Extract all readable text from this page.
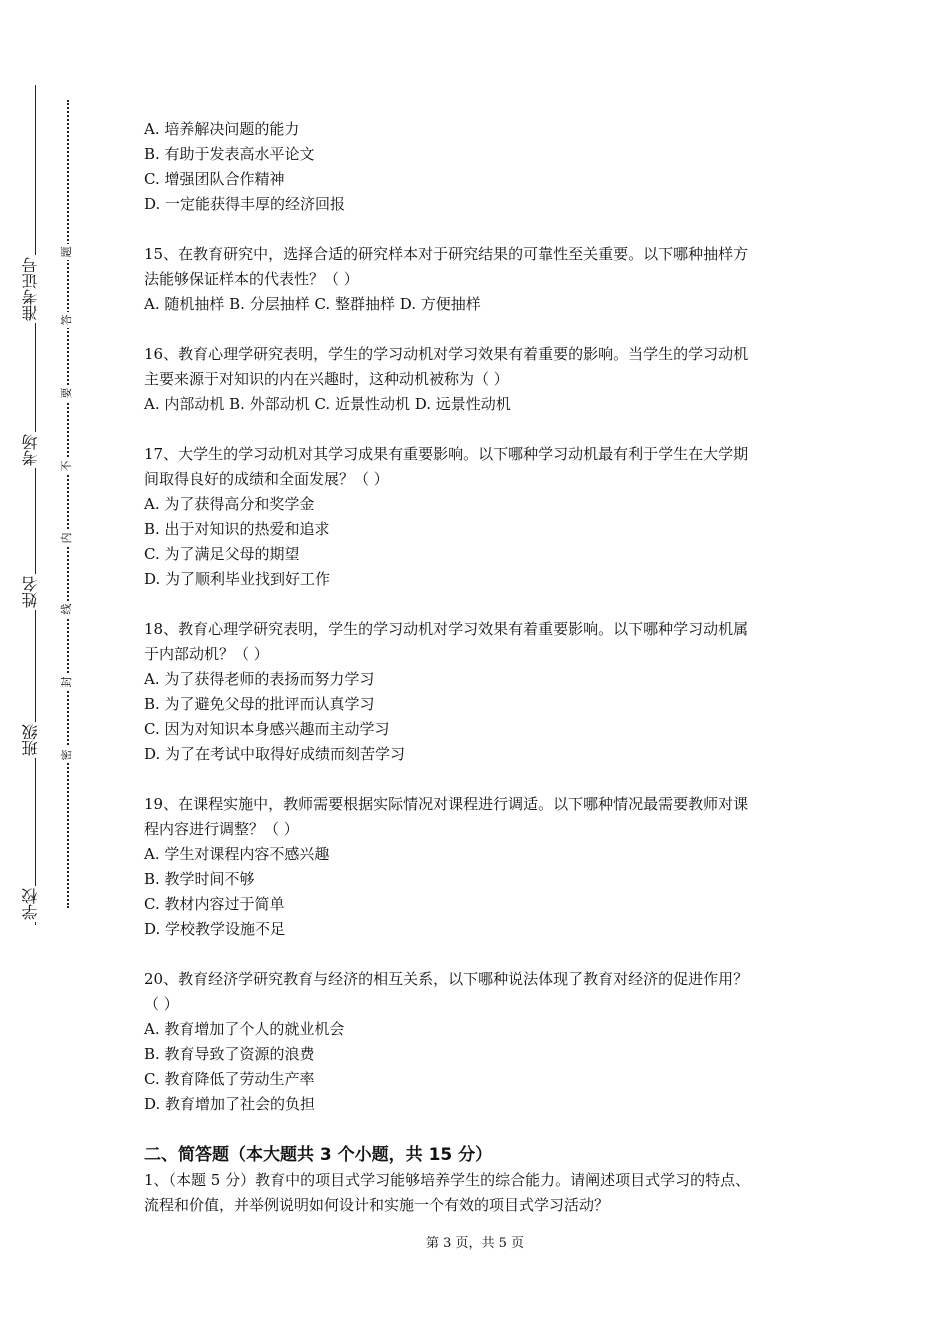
准考证号
考场
姓名
班级
学校
题
答
要
不
内
线
封
密
A. 培养解决问题的能力
B. 有助于发表高水平论文
C. 增强团队合作精神
D. 一定能获得丰厚的经济回报
15、在教育研究中，选择合适的研究样本对于研究结果的可靠性至关重要。以下哪种抽样方
法能够保证样本的代表性？（ ）
A. 随机抽样 B. 分层抽样 C. 整群抽样 D. 方便抽样
16、教育心理学研究表明，学生的学习动机对学习效果有着重要的影响。当学生的学习动机
主要来源于对知识的内在兴趣时，这种动机被称为（ ）
A. 内部动机 B. 外部动机 C. 近景性动机 D. 远景性动机
17、大学生的学习动机对其学习成果有重要影响。以下哪种学习动机最有利于学生在大学期
间取得良好的成绩和全面发展？（ ）
A. 为了获得高分和奖学金
B. 出于对知识的热爱和追求
C. 为了满足父母的期望
D. 为了顺利毕业找到好工作
18、教育心理学研究表明，学生的学习动机对学习效果有着重要影响。以下哪种学习动机属
于内部动机？（ ）
A. 为了获得老师的表扬而努力学习
B. 为了避免父母的批评而认真学习
C. 因为对知识本身感兴趣而主动学习
D. 为了在考试中取得好成绩而刻苦学习
19、在课程实施中，教师需要根据实际情况对课程进行调适。以下哪种情况最需要教师对课
程内容进行调整？（ ）
A. 学生对课程内容不感兴趣
B. 教学时间不够
C. 教材内容过于简单
D. 学校教学设施不足
20、教育经济学研究教育与经济的相互关系，以下哪种说法体现了教育对经济的促进作用？
（ ）
A. 教育增加了个人的就业机会
B. 教育导致了资源的浪费
C. 教育降低了劳动生产率
D. 教育增加了社会的负担
二、简答题（本大题共 3 个小题，共 15 分）
1、（本题 5 分）教育中的项目式学习能够培养学生的综合能力。请阐述项目式学习的特点、
流程和价值，并举例说明如何设计和实施一个有效的项目式学习活动？
第 3 页，共 5 页
